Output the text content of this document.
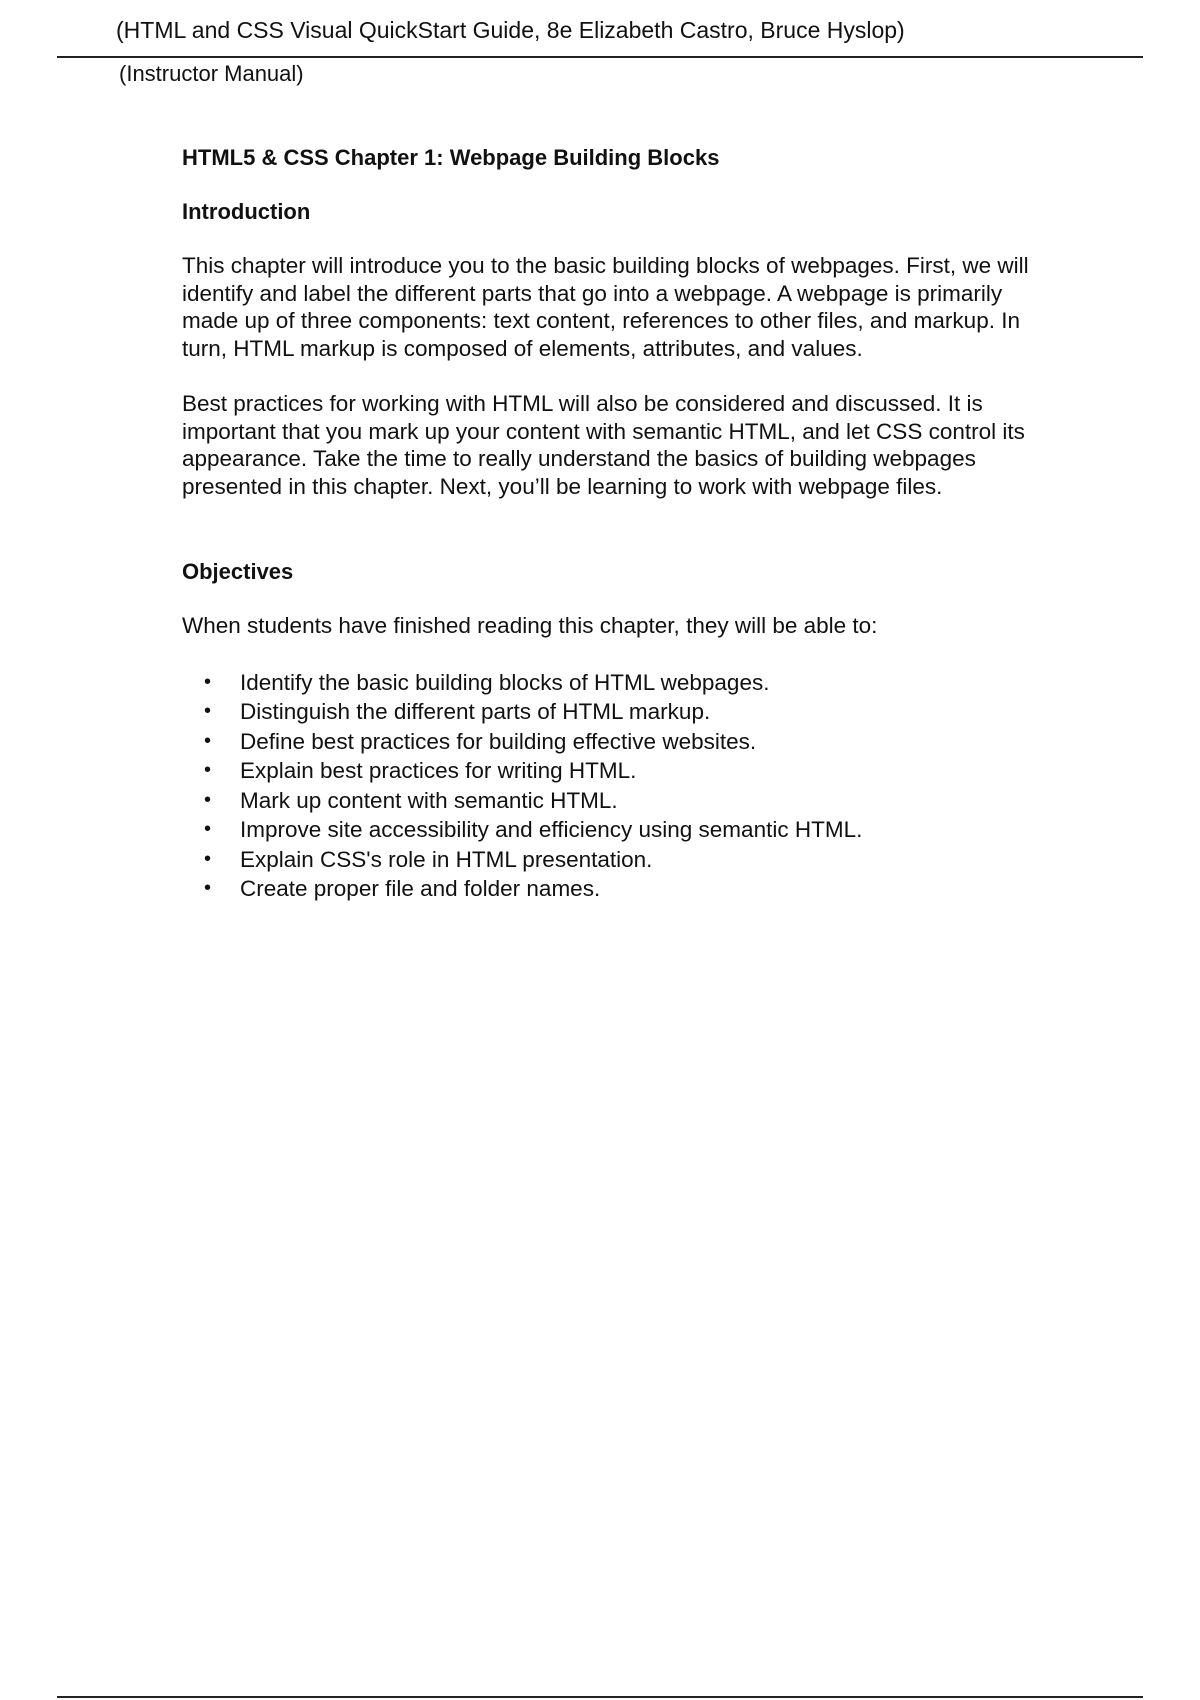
(HTML and CSS Visual QuickStart Guide, 8e Elizabeth Castro, Bruce Hyslop)
(Instructor Manual)
HTML5 & CSS Chapter 1: Webpage Building Blocks
Introduction

This chapter will introduce you to the basic building blocks of webpages. First, we will identify and label the different parts that go into a webpage. A webpage is primarily made up of three components: text content, references to other files, and markup. In turn, HTML markup is composed of elements, attributes, and values.

Best practices for working with HTML will also be considered and discussed. It is important that you mark up your content with semantic HTML, and let CSS control its appearance. Take the time to really understand the basics of building webpages presented in this chapter. Next, you’ll be learning to work with webpage files.

Objectives

When students have finished reading this chapter, they will be able to:

• Identify the basic building blocks of HTML webpages.
• Distinguish the different parts of HTML markup.
• Define best practices for building effective websites.
• Explain best practices for writing HTML.
• Mark up content with semantic HTML.
• Improve site accessibility and efficiency using semantic HTML.
• Explain CSS's role in HTML presentation.
• Create proper file and folder names.
